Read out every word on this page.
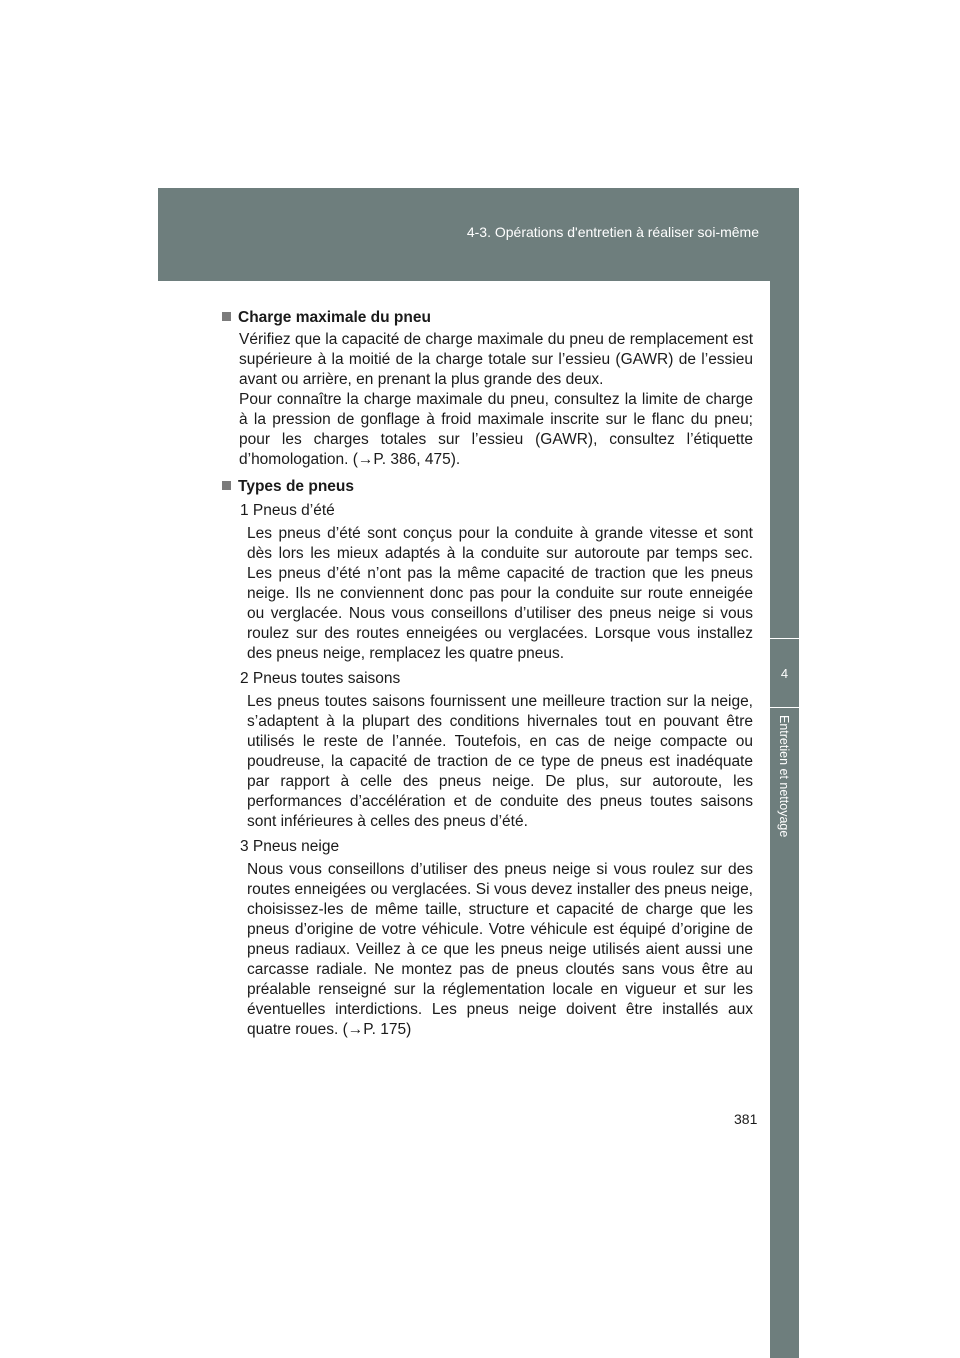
4-3. Opérations d'entretien à réaliser soi-même
4
Entretien et nettoyage
Charge maximale du pneu

Vérifiez que la capacité de charge maximale du pneu de remplacement est supérieure à la moitié de la charge totale sur l’essieu (GAWR) de l’essieu avant ou arrière, en prenant la plus grande des deux.

Pour connaître la charge maximale du pneu, consultez la limite de charge à la pression de gonflage à froid maximale inscrite sur le flanc du pneu; pour les charges totales sur l’essieu (GAWR), consultez l’étiquette d’homologation. (→P. 386, 475).

Types de pneus

1 Pneus d’été

Les pneus d’été sont conçus pour la conduite à grande vitesse et sont dès lors les mieux adaptés à la conduite sur autoroute par temps sec. Les pneus d’été n’ont pas la même capacité de traction que les pneus neige. Ils ne conviennent donc pas pour la conduite sur route enneigée ou verglacée. Nous vous conseillons d’utiliser des pneus neige si vous roulez sur des routes enneigées ou verglacées. Lorsque vous installez des pneus neige, remplacez les quatre pneus.

2 Pneus toutes saisons

Les pneus toutes saisons fournissent une meilleure traction sur la neige, s’adaptent à la plupart des conditions hivernales tout en pouvant être utilisés le reste de l’année. Toutefois, en cas de neige compacte ou poudreuse, la capacité de traction de ce type de pneus est inadéquate par rapport à celle des pneus neige. De plus, sur autoroute, les performances d’accélération et de conduite des pneus toutes saisons sont inférieures à celles des pneus d’été.

3 Pneus neige

Nous vous conseillons d’utiliser des pneus neige si vous roulez sur des routes enneigées ou verglacées. Si vous devez installer des pneus neige, choisissez-les de même taille, structure et capacité de charge que les pneus d’origine de votre véhicule. Votre véhicule est équipé d’origine de pneus radiaux. Veillez à ce que les pneus neige utilisés aient aussi une carcasse radiale. Ne montez pas de pneus cloutés sans vous être au préalable renseigné sur la réglementation locale en vigueur et sur les éventuelles interdictions. Les pneus neige doivent être installés aux quatre roues. (→P. 175)

381
